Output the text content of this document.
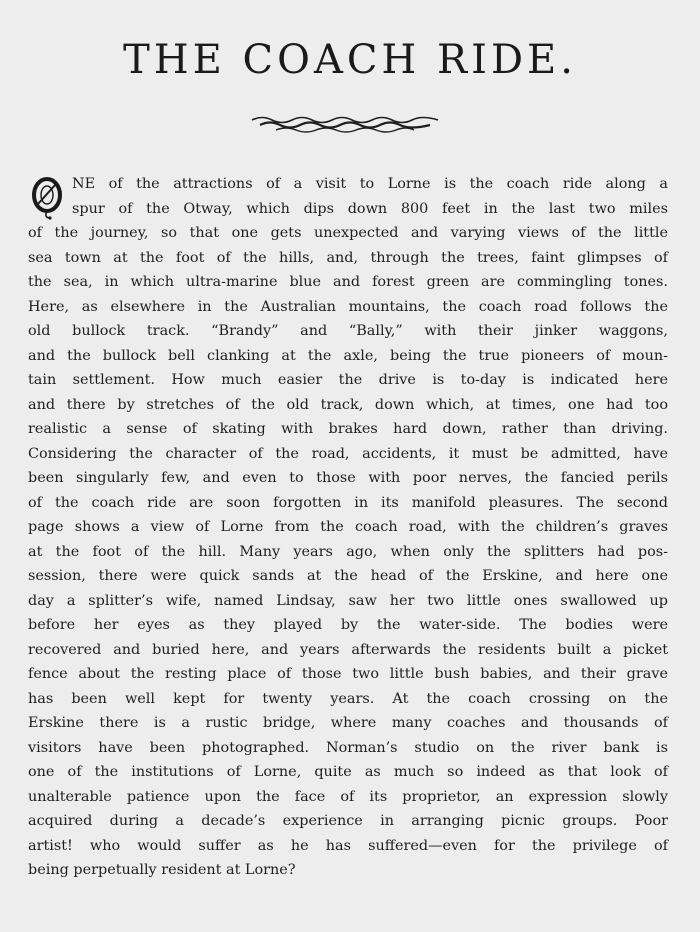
THE COACH RIDE.
NE of the attractions of a visit to Lorne is the coach ride along a
spur of the Otway, which dips down 800 feet in the last two miles
of the journey, so that one gets unexpected and varying views of the little
sea town at the foot of the hills, and, through the trees, faint glimpses of
the sea, in which ultra-marine blue and forest green are commingling tones.
Here, as elsewhere in the Australian mountains, the coach road follows the
old bullock track. “Brandy” and “Bally,” with their jinker waggons,
and the bullock bell clanking at the axle, being the true pioneers of moun-
tain settlement. How much easier the drive is to-day is indicated here
and there by stretches of the old track, down which, at times, one had too
realistic a sense of skating with brakes hard down, rather than driving.
Considering the character of the road, accidents, it must be admitted, have
been singularly few, and even to those with poor nerves, the fancied perils
of the coach ride are soon forgotten in its manifold pleasures. The second
page shows a view of Lorne from the coach road, with the children’s graves
at the foot of the hill. Many years ago, when only the splitters had pos-
session, there were quick sands at the head of the Erskine, and here one
day a splitter’s wife, named Lindsay, saw her two little ones swallowed up
before her eyes as they played by the water-side. The bodies were
recovered and buried here, and years afterwards the residents built a picket
fence about the resting place of those two little bush babies, and their grave
has been well kept for twenty years. At the coach crossing on the
Erskine there is a rustic bridge, where many coaches and thousands of
visitors have been photographed. Norman’s studio on the river bank is
one of the institutions of Lorne, quite as much so indeed as that look of
unalterable patience upon the face of its proprietor, an expression slowly
acquired during a decade’s experience in arranging picnic groups. Poor
artist! who would suffer as he has suffered—even for the privilege of
being perpetually resident at Lorne?
